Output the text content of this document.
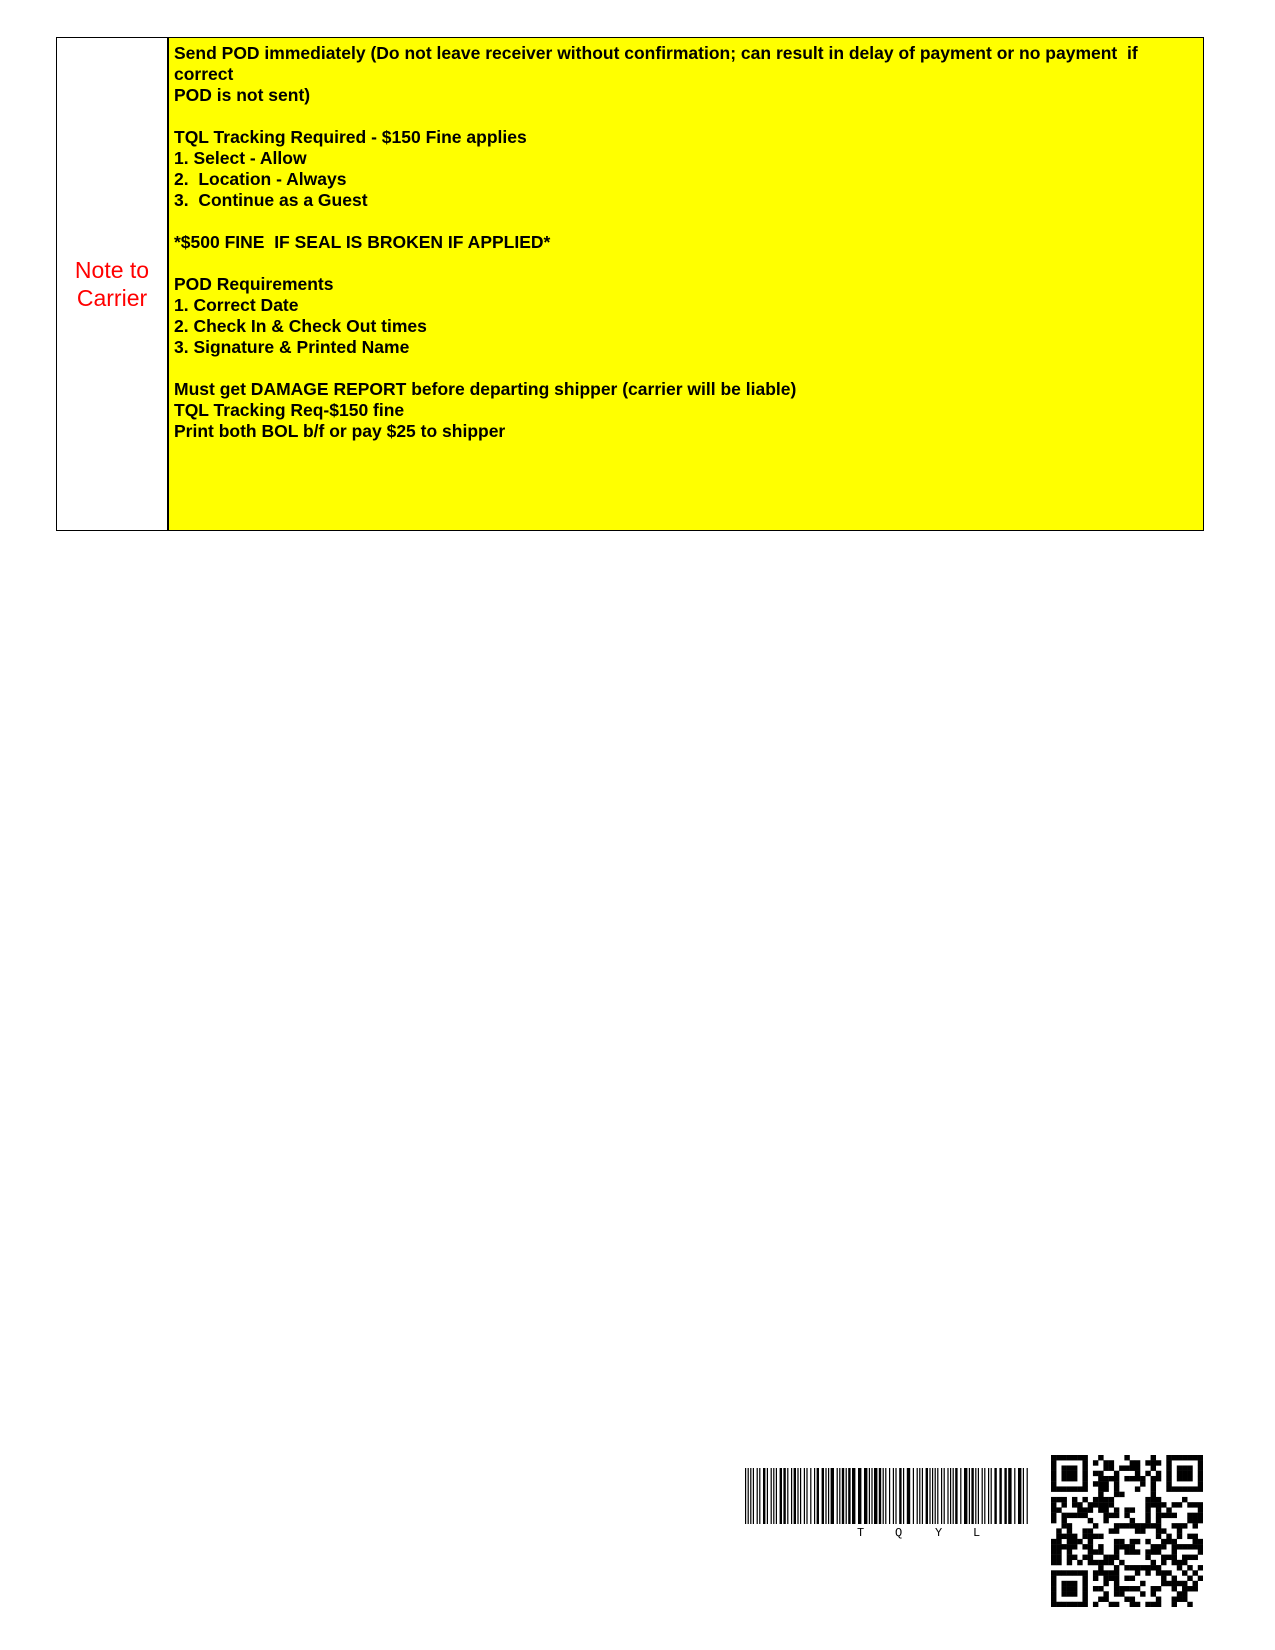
Note to
Carrier
Send POD immediately (Do not leave receiver without confirmation; can result in delay of payment or no payment  if correct
POD is not sent)
TQL Tracking Required - $150 Fine applies
1. Select - Allow
2.  Location - Always
3.  Continue as a Guest
*$500 FINE  IF SEAL IS BROKEN IF APPLIED*
POD Requirements
1. Correct Date
2. Check In & Check Out times
3. Signature & Printed Name
Must get DAMAGE REPORT before departing shipper (carrier will be liable)
TQL Tracking Req-$150 fine
Print both BOL b/f or pay $25 to shipper
T	Q	Y	L
